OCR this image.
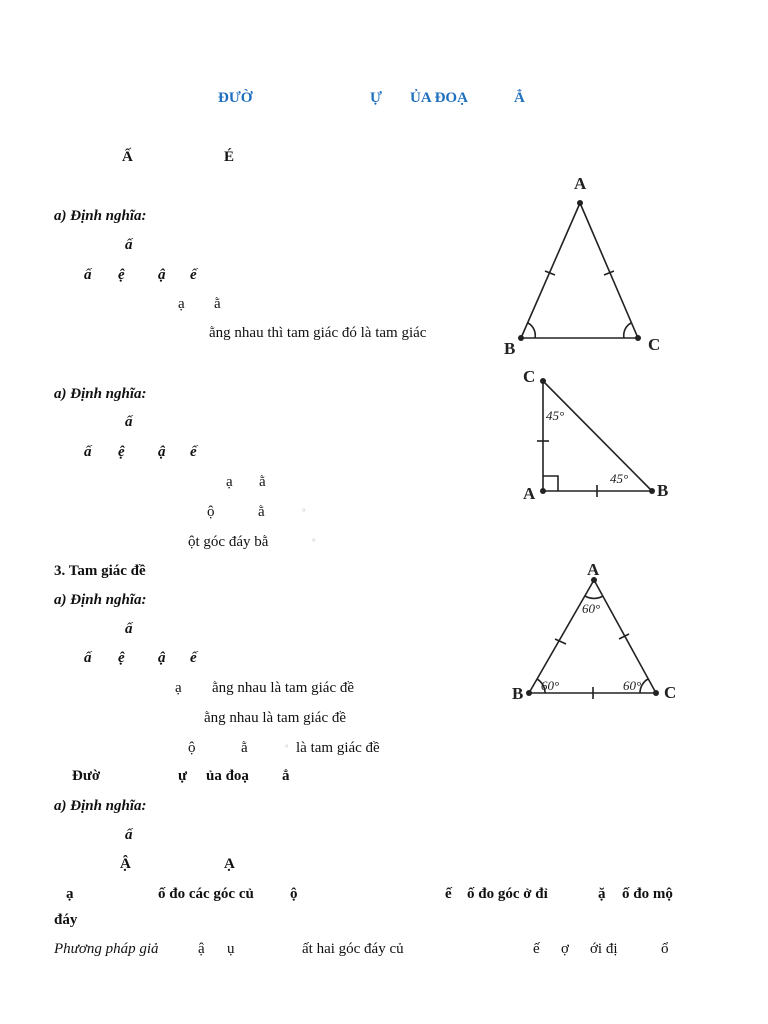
ĐƯỜ	Ự ỦA ĐOẠ	Ẳ
Ấ	É
a) Định nghĩa:
ấ
ấ ệ ậ ế
ạ ằ
ằng nhau thì tam giác đó là tam giác
a) Định nghĩa:
ấ
ấ ệ ậ ế
ạ ằ
ộ	ằ	°
ột góc đáy bằ	°
3. Tam giác đề
a) Định nghĩa:
ấ
ấ ệ ậ ế
ạ ằng nhau là tam giác đề
ằng nhau là tam giác đề
ộ	ằ	° là tam giác đề
Đườ	ự ủa đoạ ẳ
a) Định nghĩa:
ấ
Ậ	Ạ
ạ	ố đo các góc củ ộ	ế ố đo góc ở đỉ	ặ ố đo mộ
đáy
Phương pháp giả	ậ ụ	ất hai góc đáy củ	ế ợ ới đị	ổ
A
B	C
C
A	B
45°
45°
A
B	C
60°
60°	60°
